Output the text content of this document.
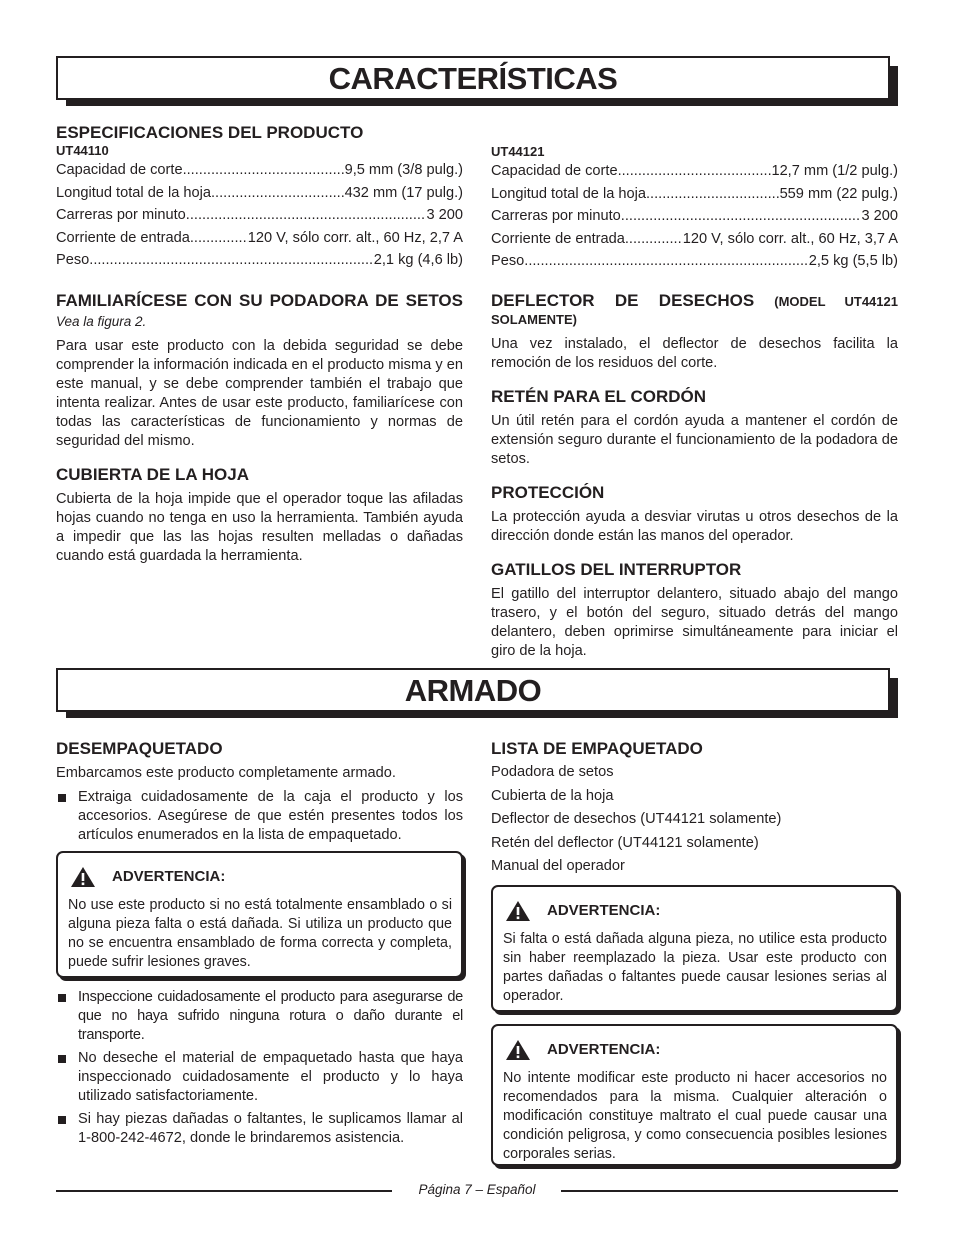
CARACTERÍSTICAS
ESPECIFICACIONES DEL PRODUCTO
UT44110
Capacidad de corte .....	9,5 mm (3/8 pulg.)
Longitud total de la hoja .....	432 mm (17 pulg.)
Carreras por minuto .....	3 200
Corriente de entrada .....	120 V, sólo corr. alt., 60 Hz, 2,7 A
Peso .....	2,1 kg (4,6 lb)
FAMILIARÍCESE CON SU PODADORA DE SETOS
Vea la figura 2.

Para usar este producto con la debida seguridad se debe comprender la información indicada en el producto misma y en este manual, y se debe comprender también el trabajo que intenta realizar. Antes de usar este producto, familiarícese con todas las características de funcionamiento y normas de seguridad del mismo.

CUBIERTA DE LA HOJA

Cubierta de la hoja impide que el operador toque las afiladas hojas cuando no tenga en uso la herramienta. También ayuda a impedir que las las hojas resulten melladas o dañadas cuando está guardada la herramienta.

UT44121
Capacidad de corte .....	12,7 mm (1/2 pulg.)
Longitud total de la hoja .....	559 mm (22 pulg.)
Carreras por minuto .....	3 200
Corriente de entrada .....	120 V, sólo corr. alt., 60 Hz, 3,7 A
Peso .....	2,5 kg (5,5 lb)
DEFLECTOR DE DESECHOS (MODEL UT44121
SOLAMENTE)

Una vez instalado, el deflector de desechos facilita la remoción de los residuos del corte.

RETÉN PARA EL CORDÓN

Un útil retén para el cordón ayuda a mantener el cordón de extensión seguro durante el funcionamiento de la podadora de setos.

PROTECCIÓN

La protección ayuda a desviar virutas u otros desechos de la dirección donde están las manos del operador.

GATILLOS DEL INTERRUPTOR

El gatillo del interruptor delantero, situado abajo del mango trasero, y el botón del seguro, situado detrás del mango delantero, deben oprimirse simultáneamente para iniciar el giro de la hoja.

ARMADO
DESEMPAQUETADO

Embarcamos este producto completamente armado.

Extraiga cuidadosamente de la caja el producto y los accesorios. Asegúrese de que estén presentes todos los artículos enumerados en la lista de empaquetado.
ADVERTENCIA:
No use este producto si no está totalmente ensamblado o si alguna pieza falta o está dañada. Si utiliza un producto que no se encuentra ensamblado de forma correcta y completa, puede sufrir lesiones graves.
Inspeccione cuidadosamente el producto para asegurarse de que no haya sufrido ninguna rotura o daño durante el transporte.
No deseche el material de empaquetado hasta que haya inspeccionado cuidadosamente el producto y lo haya utilizado satisfactoriamente.
Si hay piezas dañadas o faltantes, le suplicamos llamar al 1-800-242-4672, donde le brindaremos asistencia.
LISTA DE EMPAQUETADO
Podadora de setos
Cubierta de la hoja
Deflector de desechos (UT44121 solamente)
Retén del deflector (UT44121 solamente)
Manual del operador
ADVERTENCIA:
Si falta o está dañada alguna pieza, no utilice esta producto sin haber reemplazado la pieza. Usar este producto con partes dañadas o faltantes puede causar lesiones serias al operador.
ADVERTENCIA:
No intente modificar este producto ni hacer accesorios no recomendados para la misma. Cualquier alteración o modificación constituye maltrato el cual puede causar una condición peligrosa, y como consecuencia posibles lesiones corporales serias.
Página 7 – Español
